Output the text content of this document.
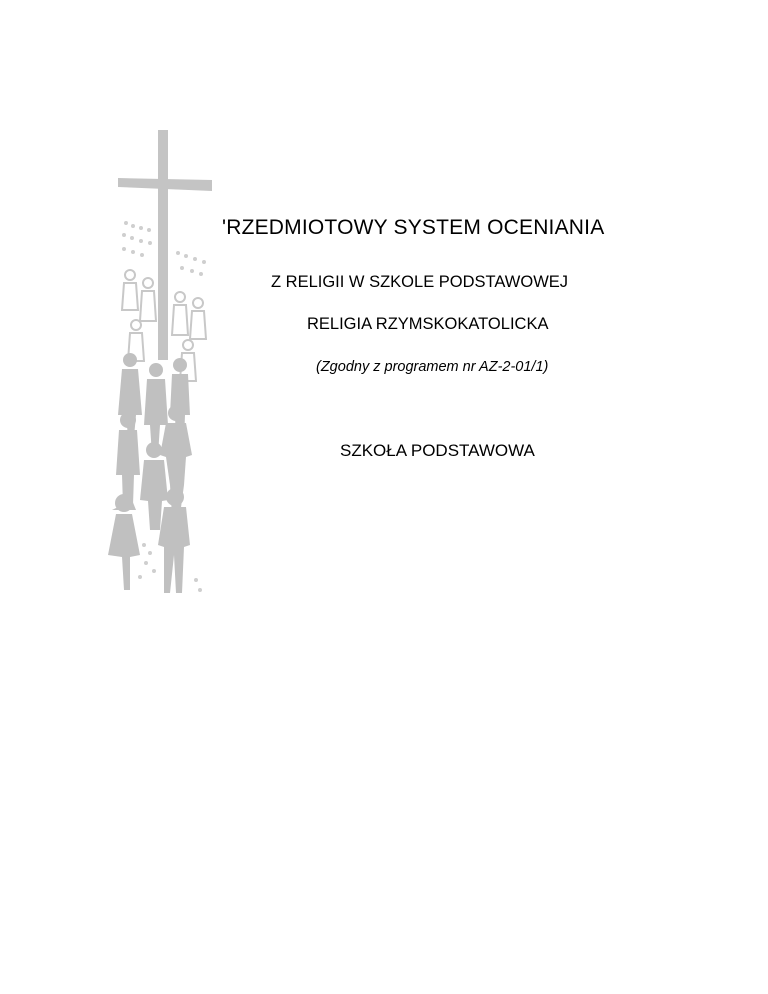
'RZEDMIOTOWY SYSTEM OCENIANIA
Z RELIGII W SZKOLE PODSTAWOWEJ
RELIGIA RZYMSKOKATOLICKA
(Zgodny z programem nr AZ-2-01/1)
SZKOŁA PODSTAWOWA
